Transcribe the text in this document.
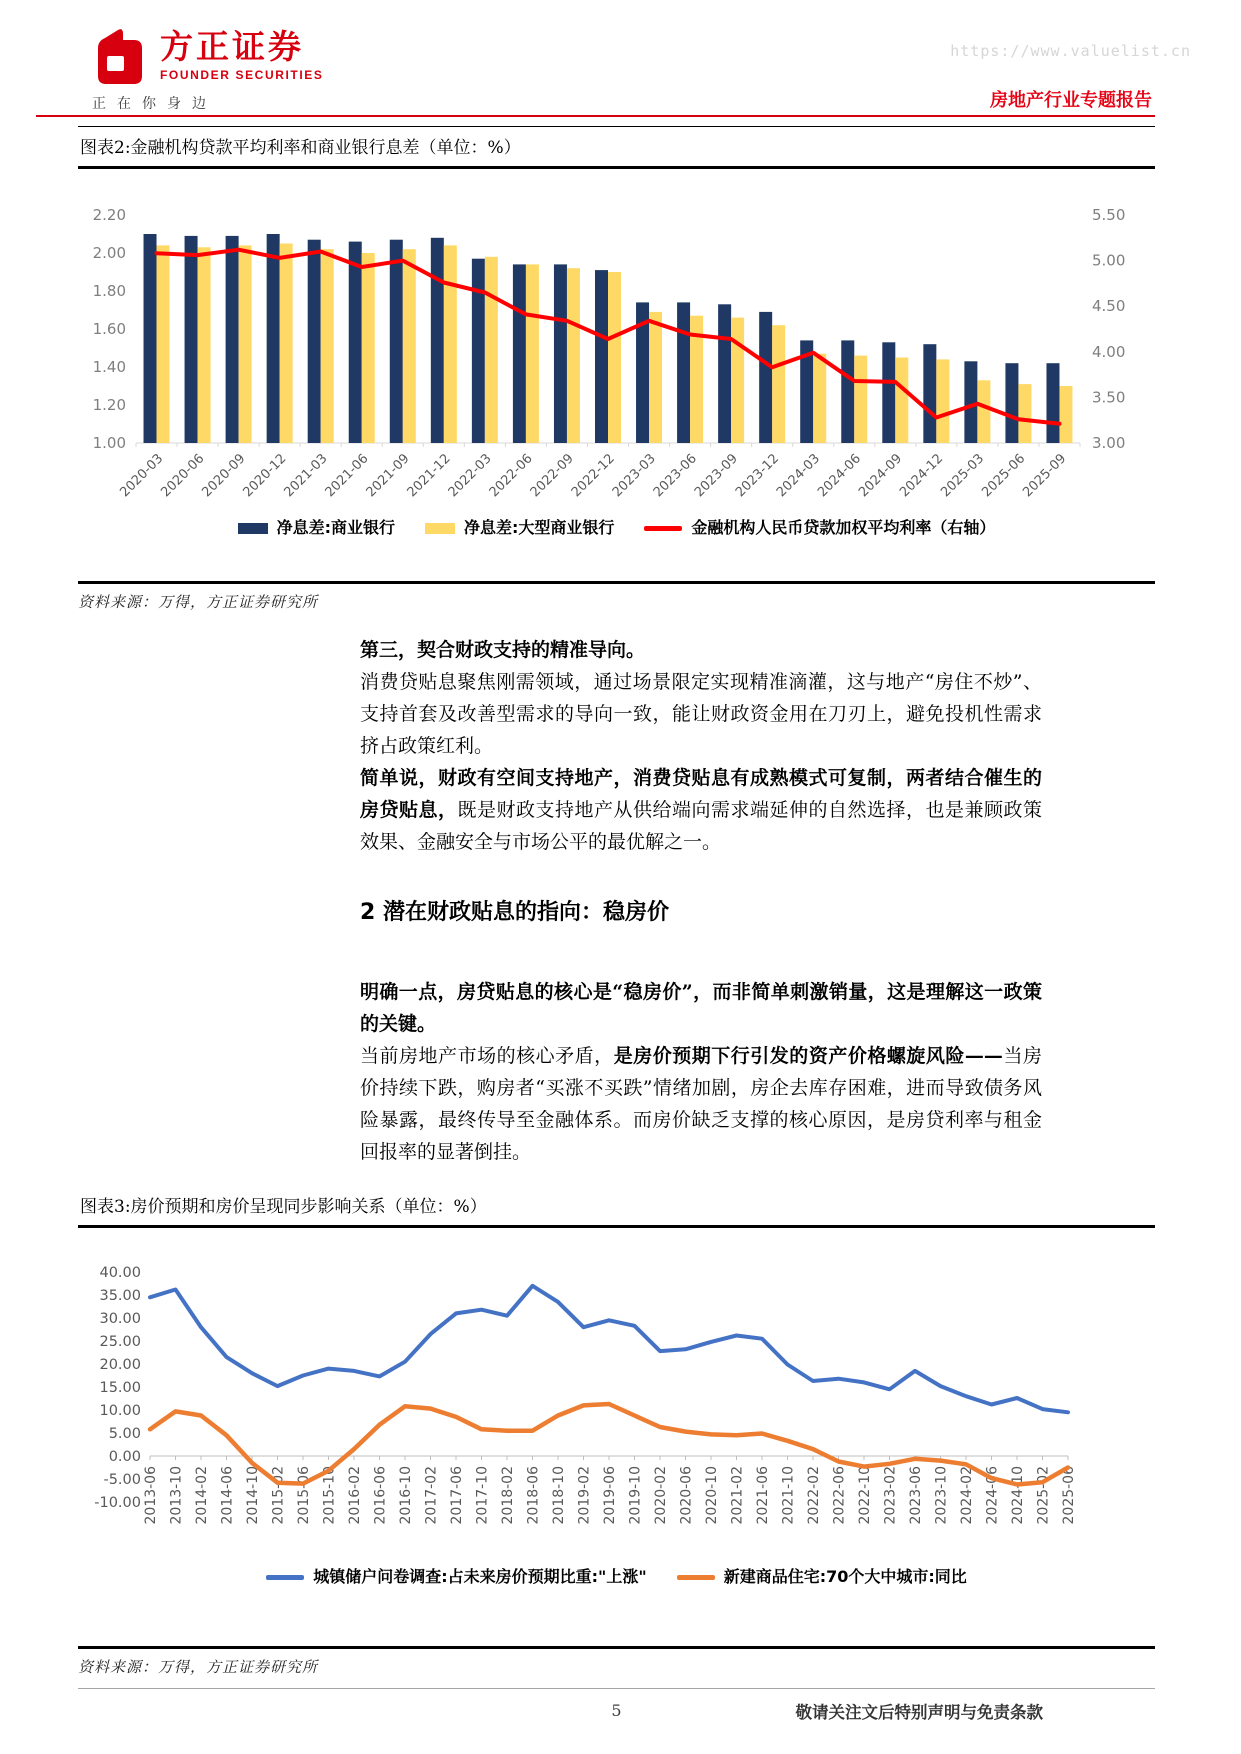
方正证券
FOUNDER SECURITIES
正在你身边
https://www.valuelist.cn
房地产行业专题报告
图表2:金融机构贷款平均利率和商业银行息差（单位：%）
2.20
2.00
1.80
1.60
1.40
1.20
1.00
5.50
5.00
4.50
4.00
3.50
3.00
2020-03
2020-06
2020-09
2020-12
2021-03
2021-06
2021-09
2021-12
2022-03
2022-06
2022-09
2022-12
2023-03
2023-06
2023-09
2023-12
2024-03
2024-06
2024-09
2024-12
2025-03
2025-06
2025-09
净息差:商业银行	净息差:大型商业银行	金融机构人民币贷款加权平均利率（右轴）
资料来源：万得，方正证券研究所

第三，契合财政支持的精准导向。

消费贷贴息聚焦刚需领域，通过场景限定实现精准滴灌，这与地产“房住不炒”、支持首套及改善型需求的导向一致，能让财政资金用在刀刃上，避免投机性需求挤占政策红利。

简单说，财政有空间支持地产，消费贷贴息有成熟模式可复制，两者结合催生的房贷贴息，既是财政支持地产从供给端向需求端延伸的自然选择，也是兼顾政策效果、金融安全与市场公平的最优解之一。

2 潜在财政贴息的指向：稳房价

明确一点，房贷贴息的核心是“稳房价”，而非简单刺激销量，这是理解这一政策的关键。

当前房地产市场的核心矛盾，是房价预期下行引发的资产价格螺旋风险——当房价持续下跌，购房者“买涨不买跌”情绪加剧，房企去库存困难，进而导致债务风险暴露，最终传导至金融体系。而房价缺乏支撑的核心原因，是房贷利率与租金回报率的显著倒挂。

图表3:房价预期和房价呈现同步影响关系（单位：%）
40.00
35.00
30.00
25.00
20.00
15.00
10.00
5.00
0.00
-5.00
-10.00 2013-06 2013-10 2014-02 2014-06 2014-10 2015-02 2015-06 2015-10 2016-02 2016-06 2016-10 2017-02 2017-06 2017-10 2018-02 2018-06 2018-10 2019-02 2019-06 2019-10 2020-02 2020-06 2020-10 2021-02 2021-06 2021-10 2022-02 2022-06 2022-10 2023-02 2023-06 2023-10 2024-02 2024-06 2024-10 2025-02 2025-06
城镇储户问卷调查:占未来房价预期比重:"上涨"	新建商品住宅:70个大中城市:同比
资料来源：万得，方正证券研究所
5	敬请关注文后特别声明与免责条款
